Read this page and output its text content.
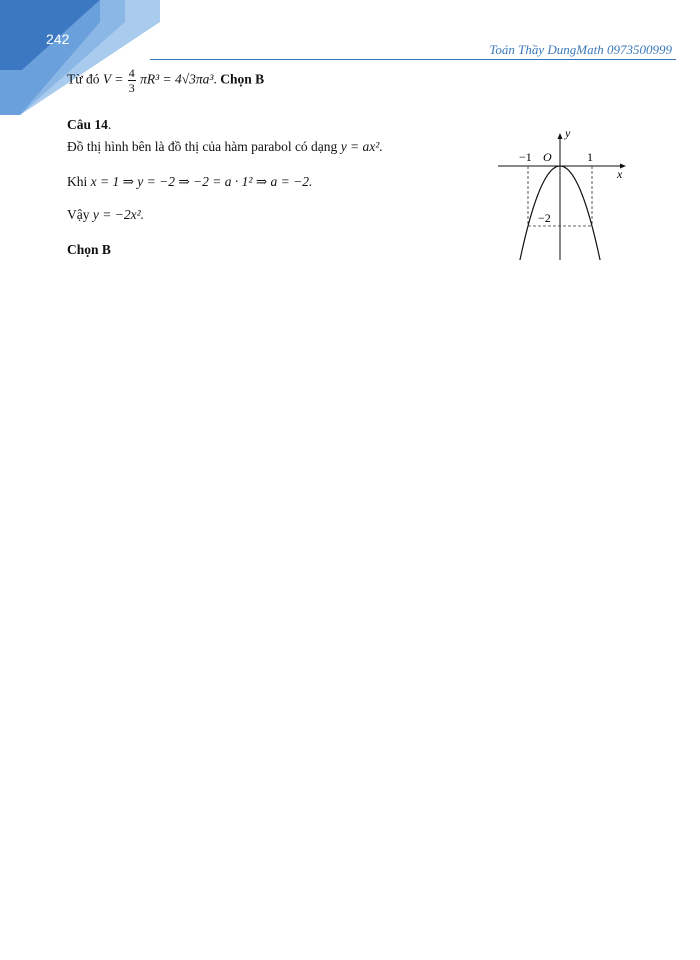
242
Toán Thầy DungMath 0973500999
Từ đó $V = \frac{4}{3} \pi R^3 = 4√3\pi a^3$. Chọn B
Câu 14.
Đồ thị hình bên là đồ thị của hàm parabol có dạng y = ax².
Khi x = 1 ⇒ y = −2 ⇒ −2 = a · 1² ⇒ a = −2.
Vậy y = −2x².
Chọn B
y
x
O
−1	1
−2
